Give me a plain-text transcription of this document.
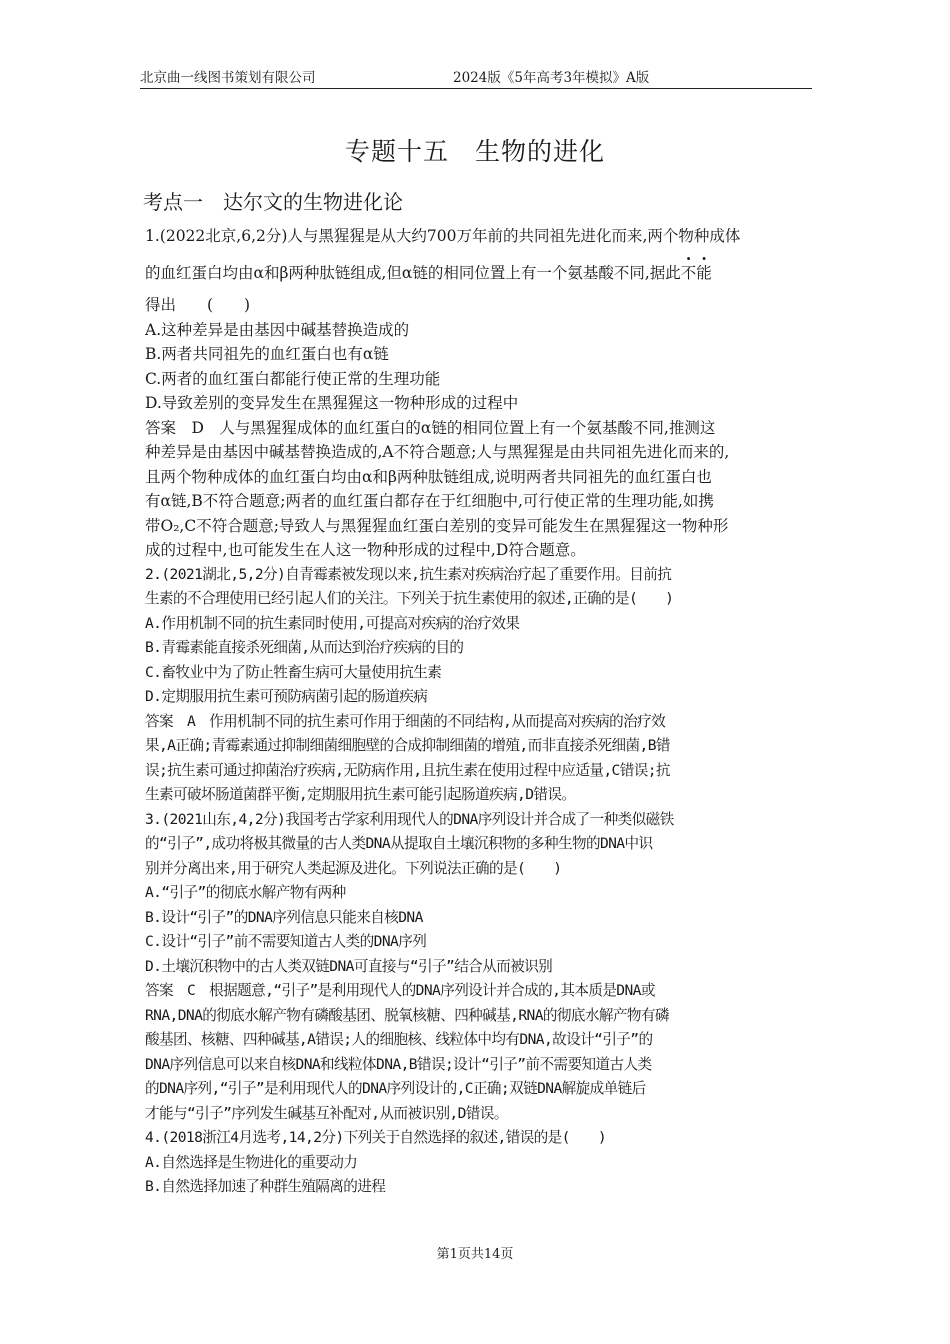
北京曲一线图书策划有限公司	2024版《5年高考3年模拟》A版
专题十五　生物的进化
考点一　达尔文的生物进化论

1.(2022北京,6,2分)人与黑猩猩是从大约700万年前的共同祖先进化而来,两个物种成体

的血红蛋白均由α和β两种肽链组成,但α链的相同位置上有一个氨基酸不同,据此不能

得出　　(　　)

A.这种差异是由基因中碱基替换造成的

B.两者共同祖先的血红蛋白也有α链

C.两者的血红蛋白都能行使正常的生理功能

D.导致差别的变异发生在黑猩猩这一物种形成的过程中

答案　D　人与黑猩猩成体的血红蛋白的α链的相同位置上有一个氨基酸不同,推测这

种差异是由基因中碱基替换造成的,A不符合题意;人与黑猩猩是由共同祖先进化而来的,

且两个物种成体的血红蛋白均由α和β两种肽链组成,说明两者共同祖先的血红蛋白也

有α链,B不符合题意;两者的血红蛋白都存在于红细胞中,可行使正常的生理功能,如携

带O₂,C不符合题意;导致人与黑猩猩血红蛋白差别的变异可能发生在黑猩猩这一物种形

成的过程中,也可能发生在人这一物种形成的过程中,D符合题意。

2.(2021湖北,5,2分)自青霉素被发现以来,抗生素对疾病治疗起了重要作用。目前抗

生素的不合理使用已经引起人们的关注。下列关于抗生素使用的叙述,正确的是(　　)

A.作用机制不同的抗生素同时使用,可提高对疾病的治疗效果

B.青霉素能直接杀死细菌,从而达到治疗疾病的目的

C.畜牧业中为了防止牲畜生病可大量使用抗生素

D.定期服用抗生素可预防病菌引起的肠道疾病

答案　A　作用机制不同的抗生素可作用于细菌的不同结构,从而提高对疾病的治疗效

果,A正确;青霉素通过抑制细菌细胞壁的合成抑制细菌的增殖,而非直接杀死细菌,B错

误;抗生素可通过抑菌治疗疾病,无防病作用,且抗生素在使用过程中应适量,C错误;抗

生素可破坏肠道菌群平衡,定期服用抗生素可能引起肠道疾病,D错误。

3.(2021山东,4,2分)我国考古学家利用现代人的DNA序列设计并合成了一种类似磁铁

的“引子”,成功将极其微量的古人类DNA从提取自土壤沉积物的多种生物的DNA中识

别并分离出来,用于研究人类起源及进化。下列说法正确的是(　　)

A.“引子”的彻底水解产物有两种

B.设计“引子”的DNA序列信息只能来自核DNA

C.设计“引子”前不需要知道古人类的DNA序列

D.土壤沉积物中的古人类双链DNA可直接与“引子”结合从而被识别

答案　C　根据题意,“引子”是利用现代人的DNA序列设计并合成的,其本质是DNA或

RNA,DNA的彻底水解产物有磷酸基团、脱氧核糖、四种碱基,RNA的彻底水解产物有磷

酸基团、核糖、四种碱基,A错误;人的细胞核、线粒体中均有DNA,故设计“引子”的

DNA序列信息可以来自核DNA和线粒体DNA,B错误;设计“引子”前不需要知道古人类

的DNA序列,“引子”是利用现代人的DNA序列设计的,C正确;双链DNA解旋成单链后

才能与“引子”序列发生碱基互补配对,从而被识别,D错误。

4.(2018浙江4月选考,14,2分)下列关于自然选择的叙述,错误的是(　　)

A.自然选择是生物进化的重要动力

B.自然选择加速了种群生殖隔离的进程

第1页共14页
